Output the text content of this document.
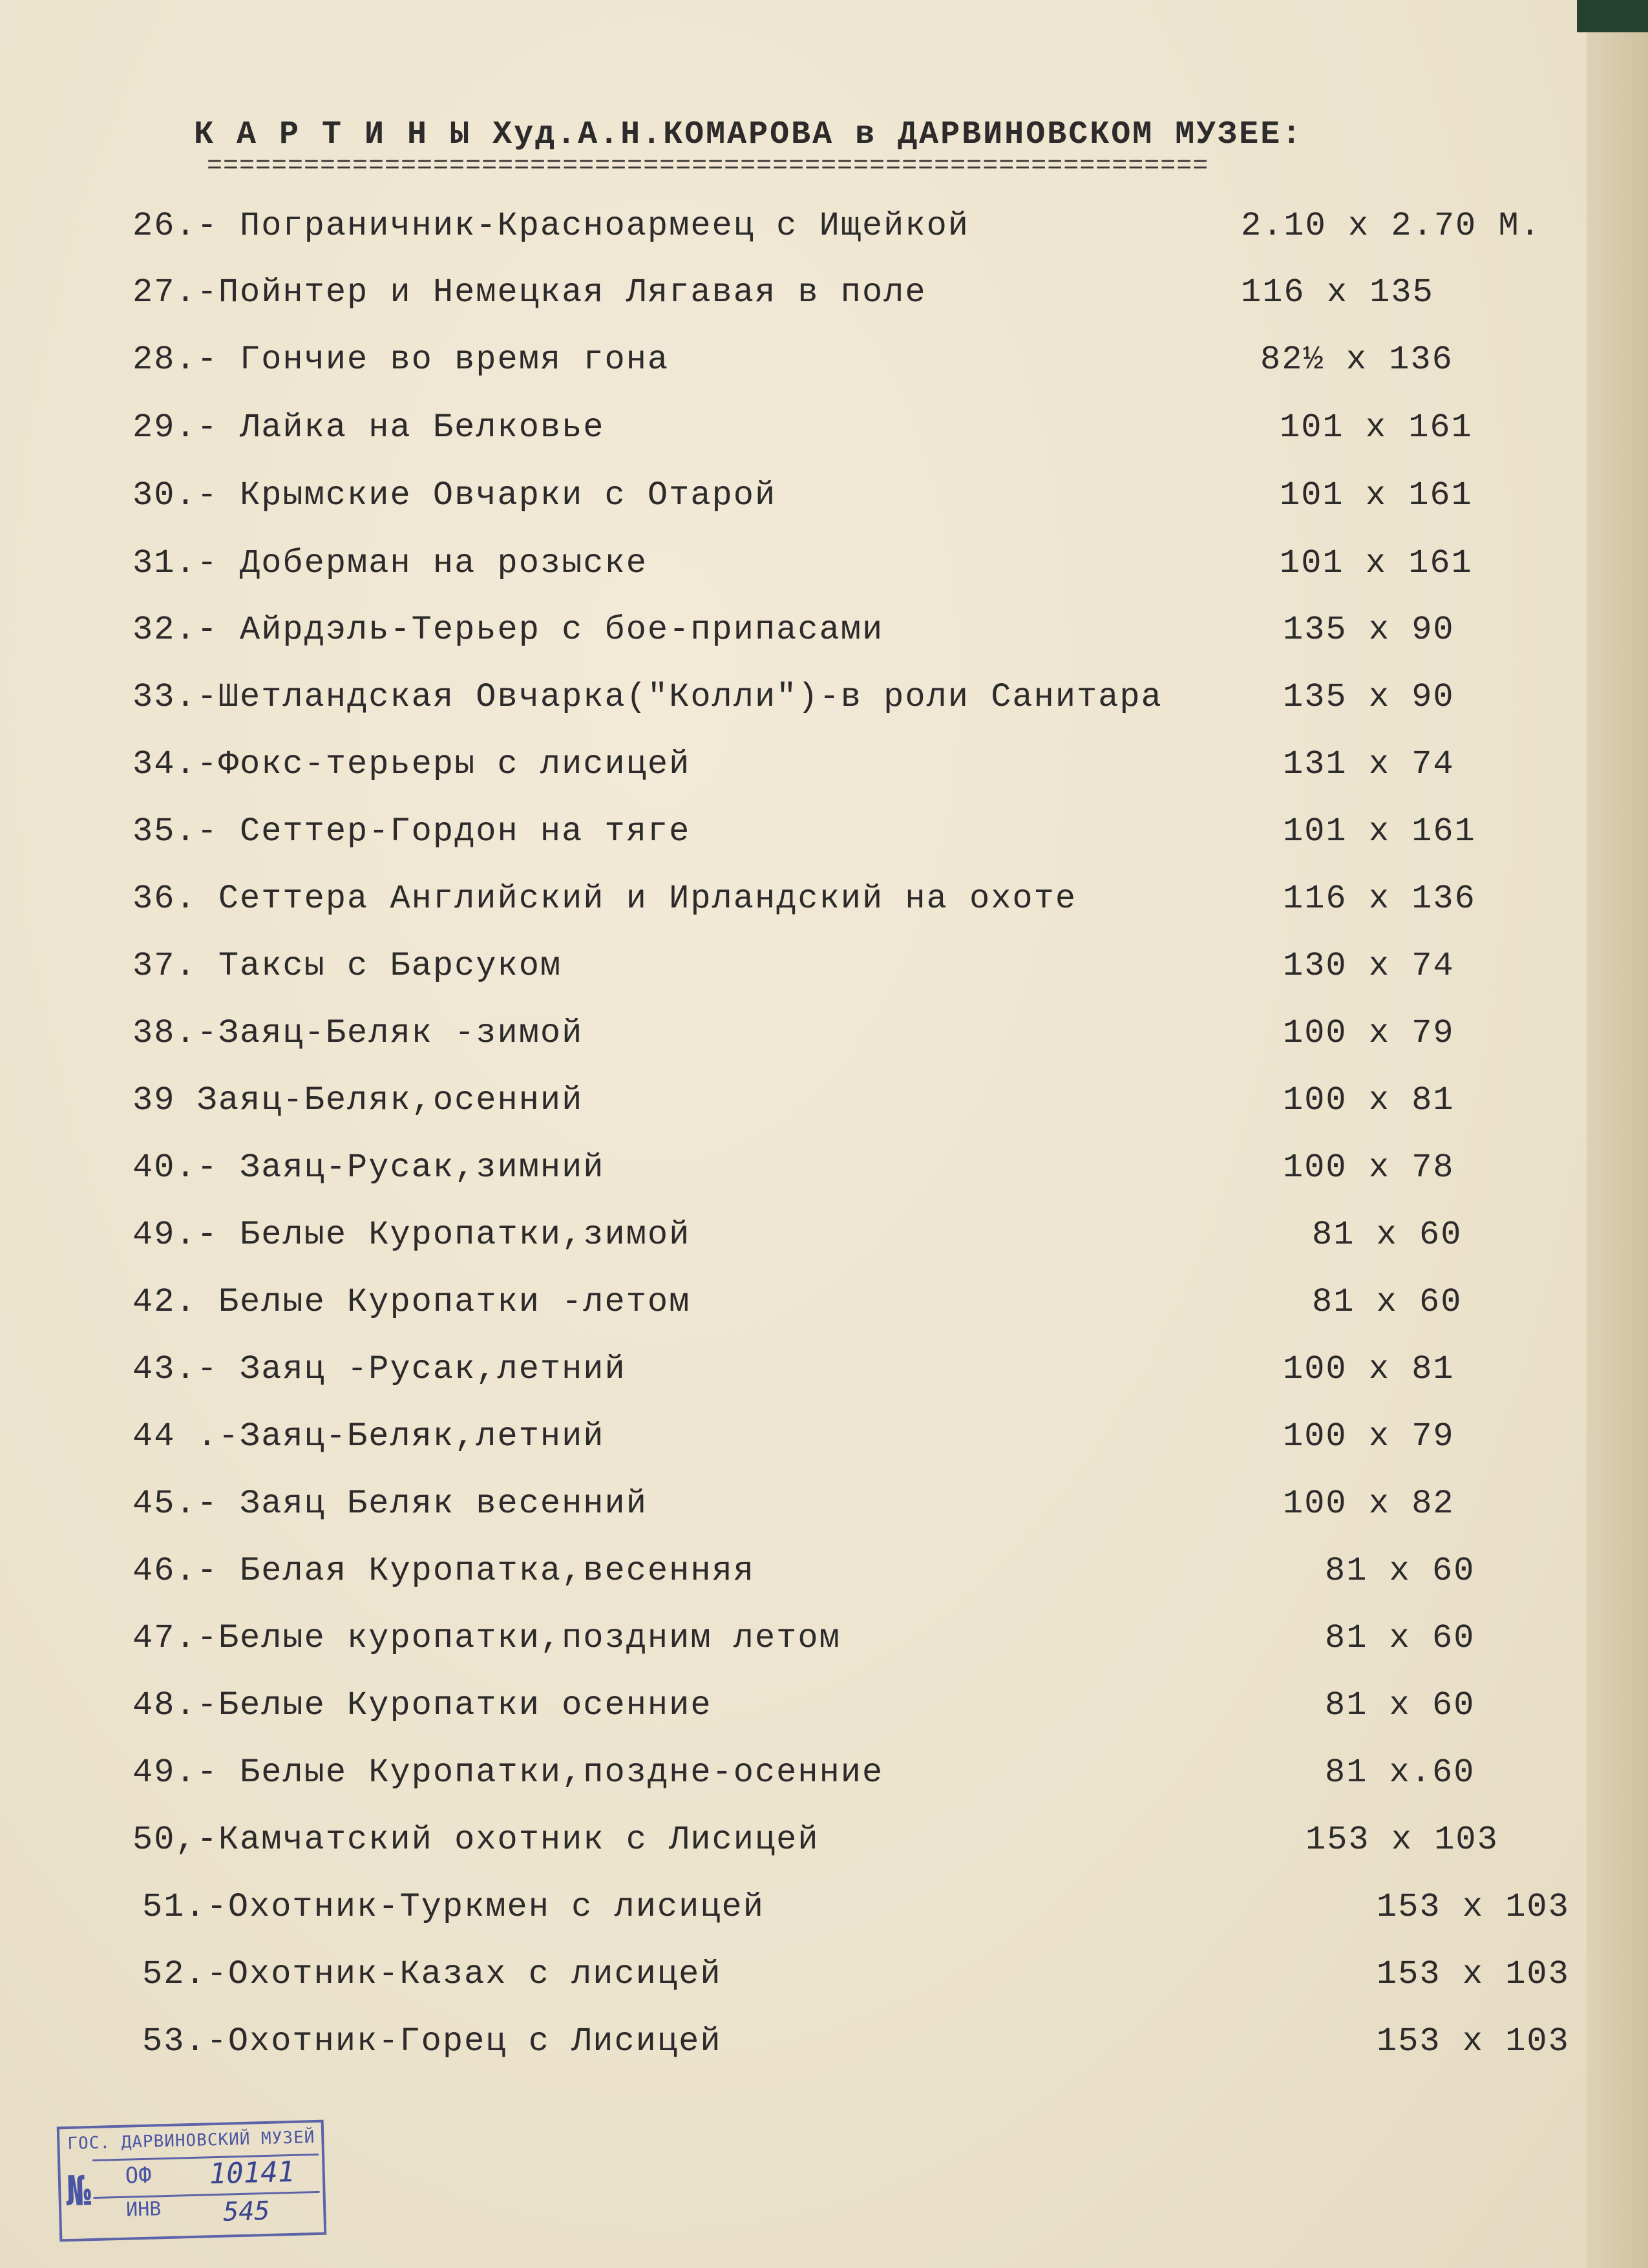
К А Р Т И Н Ы Худ.А.Н.КОМАРОВА в ДАРВИНОВСКОМ МУЗЕЕ:
==============================================================
26.- Пограничник-Красноармеец с Ищейкой	2.10 х 2.70 М.
27.-Пойнтер и Немецкая Лягавая в поле	116 х 135
28.- Гончие во время гона	82½ х 136
29.- Лайка на Белковье	101 х 161
30.- Крымские Овчарки с Отарой	101 х 161
31.- Доберман на розыске	101 х 161
32.- Айрдэль-Терьер с бое-припасами	135 х 90
33.-Шетландская Овчарка("Колли")-в роли Санитара	135 х 90
34.-Фокс-терьеры с лисицей	131 х 74
35.- Сеттер-Гордон на тяге	101 х 161
36. Сеттера Английский и Ирландский на охоте	116 х 136
37. Таксы с Барсуком	130 х 74
38.-Заяц-Беляк -зимой	100 х 79
39 Заяц-Беляк,осенний	100 х 81
40.- Заяц-Русак,зимний	100 х 78
49.- Белые Куропатки,зимой	81 х 60
42. Белые Куропатки -летом	81 х 60
43.- Заяц -Русак,летний	100 х 81
44 .-Заяц-Беляк,летний	100 х 79
45.- Заяц Беляк весенний	100 х 82
46.- Белая Куропатка,весенняя	81 х 60
47.-Белые куропатки,поздним летом	81 х 60
48.-Белые Куропатки осенние	81 х 60
49.- Белые Куропатки,поздне-осенние	81 х.60
50,-Камчатский охотник с Лисицей	153 х 103
51.-Охотник-Туркмен с лисицей	153 х 103
52.-Охотник-Казах с лисицей	153 х 103
53.-Охотник-Горец с Лисицей	153 х 103
ГОС. ДАРВИНОВСКИЙ МУЗЕЙ
№ ОФ 10141
ИНВ 545
